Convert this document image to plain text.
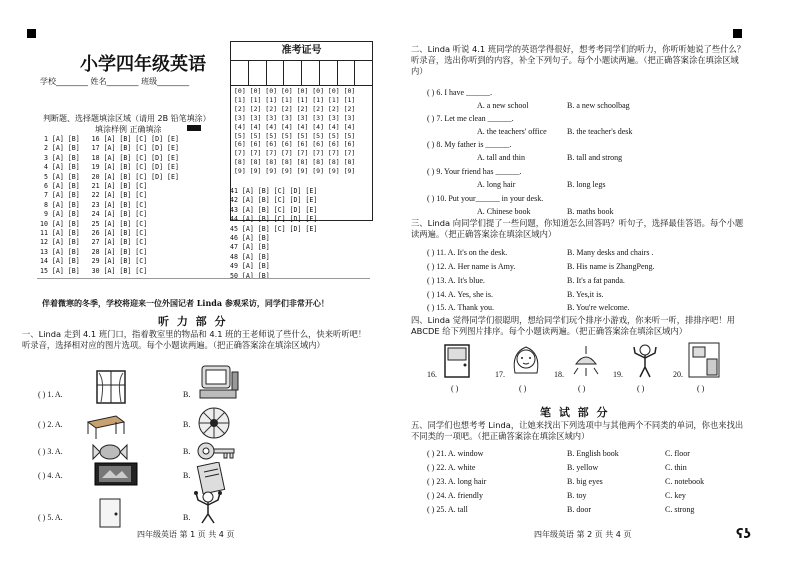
小学四年级英语
学校________ 姓名________ 班级________
准考证号
[0] [0] [0] [0] [0] [0] [0] [0]
[1] [1] [1] [1] [1] [1] [1] [1]
[2] [2] [2] [2] [2] [2] [2] [2]
[3] [3] [3] [3] [3] [3] [3] [3]
[4] [4] [4] [4] [4] [4] [4] [4]
[5] [5] [5] [5] [5] [5] [5] [5]
[6] [6] [6] [6] [6] [6] [6] [6]
[7] [7] [7] [7] [7] [7] [7] [7]
[8] [8] [8] [8] [8] [8] [8] [8]
[9] [9] [9] [9] [9] [9] [9] [9]
判断题、选择题填涂区域（请用 2B 铅笔填涂）
填涂样例 正确填涂
1 [A] [B]   16 [A] [B] [C] [D] [E]
2 [A] [B]   17 [A] [B] [C] [D] [E]
3 [A] [B]   18 [A] [B] [C] [D] [E]
4 [A] [B]   19 [A] [B] [C] [D] [E]
5 [A] [B]   20 [A] [B] [C] [D] [E]
6 [A] [B]   21 [A] [B] [C]
7 [A] [B]   22 [A] [B] [C]
8 [A] [B]   23 [A] [B] [C]
9 [A] [B]   24 [A] [B] [C]
10 [A] [B]   25 [A] [B] [C]
11 [A] [B]   26 [A] [B] [C]
12 [A] [B]   27 [A] [B] [C]
13 [A] [B]   28 [A] [B] [C]
14 [A] [B]   29 [A] [B] [C]
15 [A] [B]   30 [A] [B] [C]
41 [A] [B] [C] [D] [E]
42 [A] [B] [C] [D] [E]
43 [A] [B] [C] [D] [E]
44 [A] [B] [C] [D] [E]
45 [A] [B] [C] [D] [E]
46 [A] [B]
47 [A] [B]
48 [A] [B]
49 [A] [B]
50 [A] [B]
伴着微寒的冬季，学校将迎来一位外国记者 Linda 参观采访，同学们非常开心！
听 力 部 分
一、Linda 走到 4.1 班门口，指着教室里的物品和 4.1 班的王老师说了些什么，快来听听吧！听录音，选择相对应的图片选项。每个小题读两遍。（把正确答案涂在填涂区域内）
( ) 1. A.	B.
( ) 2. A.	B.
( ) 3. A.	B.
( ) 4. A.	B.
( ) 5. A.	B.
四年级英语 第 1 页 共 4 页
二、Linda 听说 4.1 班同学的英语学得很好，想考考同学们的听力，你听听她说了些什么？听录音，选出你听到的内容，补全下列句子。每个小题读两遍。（把正确答案涂在填涂区域内）
( ) 6. I have ______.
A. a new school	B. a new schoolbag
( ) 7. Let me clean ______.
A. the teachers' office	B. the teacher's desk
( ) 8. My father is ______.
A. tall and thin	B. tall and strong
( ) 9. Your friend has ______.
A. long hair	B. long legs
( ) 10. Put your______ in your desk.
A. Chinese book	B. maths book
三、Linda 向同学们提了一些问题，你知道怎么回答吗？听句子，选择最佳答语。每个小题读两遍。（把正确答案涂在填涂区域内）
( ) 11. A. It's on the desk.	B. Many desks and chairs .
( ) 12. A. Her name is Amy.	B. His name is ZhangPeng.
( ) 13. A. It's blue.	B. It's a fat panda.
( ) 14. A. Yes, she is.	B. Yes,it is.
( ) 15. A. Thank you.	B. You're welcome.
四、Linda 觉得同学们很聪明，想给同学们玩个排序小游戏，你来听一听，排排序吧！用 ABCDE 给下列图片排序。每个小题读两遍。（把正确答案涂在填涂区域内）
16.
( )
17.
( )
18.
( )
19.
( )
20.
( )
笔 试 部 分
五、同学们也想考考 Linda，让她来找出下列选项中与其他两个不同类的单词，你也来找出不同类的一项吧。（把正确答案涂在填涂区域内）
( ) 21. A. window	B. English book	C. floor
( ) 22. A. white	B. yellow	C. thin
( ) 23. A. long hair	B. big eyes	C. notebook
( ) 24. A. friendly	B. toy	C. key
( ) 25. A. tall	B. door	C. strong
四年级英语 第 2 页 共 4 页	ʕʖ
